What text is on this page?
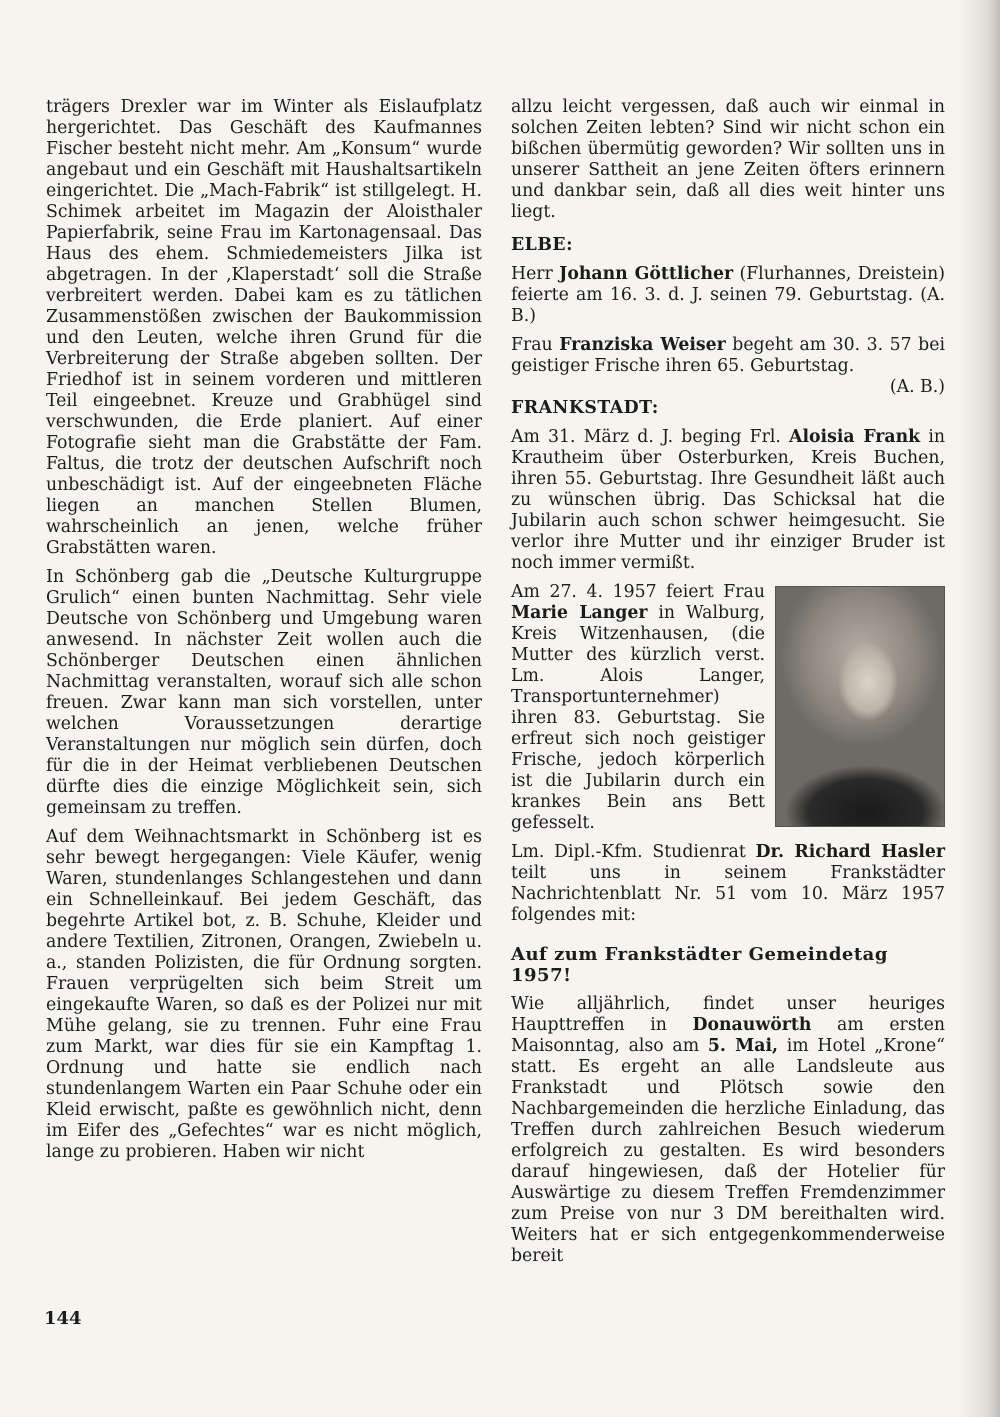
trägers Drexler war im Winter als Eislaufplatz hergerichtet. Das Geschäft des Kaufmannes Fischer besteht nicht mehr. Am „Konsum“ wurde angebaut und ein Geschäft mit Haushaltsartikeln eingerichtet. Die „Mach-Fabrik“ ist stillgelegt. H. Schimek arbeitet im Magazin der Aloisthaler Papierfabrik, seine Frau im Kartonagensaal. Das Haus des ehem. Schmiedemeisters Jilka ist abgetragen. In der ‚Klaperstadt‘ soll die Straße verbreitert werden. Dabei kam es zu tätlichen Zusammenstößen zwischen der Baukommission und den Leuten, welche ihren Grund für die Verbreiterung der Straße abgeben sollten. Der Friedhof ist in seinem vorderen und mittleren Teil eingeebnet. Kreuze und Grabhügel sind verschwunden, die Erde planiert. Auf einer Fotografie sieht man die Grabstätte der Fam. Faltus, die trotz der deutschen Aufschrift noch unbeschädigt ist. Auf der eingeebneten Fläche liegen an manchen Stellen Blumen, wahrscheinlich an jenen, welche früher Grabstätten waren.

In Schönberg gab die „Deutsche Kulturgruppe Grulich“ einen bunten Nachmittag. Sehr viele Deutsche von Schönberg und Umgebung waren anwesend. In nächster Zeit wollen auch die Schönberger Deutschen einen ähnlichen Nachmittag veranstalten, worauf sich alle schon freuen. Zwar kann man sich vorstellen, unter welchen Voraussetzungen derartige Veranstaltungen nur möglich sein dürfen, doch für die in der Heimat verbliebenen Deutschen dürfte dies die einzige Möglichkeit sein, sich gemeinsam zu treffen.

Auf dem Weihnachtsmarkt in Schönberg ist es sehr bewegt hergegangen: Viele Käufer, wenig Waren, stundenlanges Schlangestehen und dann ein Schnelleinkauf. Bei jedem Geschäft, das begehrte Artikel bot, z. B. Schuhe, Kleider und andere Textilien, Zitronen, Orangen, Zwiebeln u. a., standen Polizisten, die für Ordnung sorgten. Frauen verprügelten sich beim Streit um eingekaufte Waren, so daß es der Polizei nur mit Mühe gelang, sie zu trennen. Fuhr eine Frau zum Markt, war dies für sie ein Kampftag 1. Ordnung und hatte sie endlich nach stundenlangem Warten ein Paar Schuhe oder ein Kleid erwischt, paßte es gewöhnlich nicht, denn im Eifer des „Gefechtes“ war es nicht möglich, lange zu probieren. Haben wir nicht

allzu leicht vergessen, daß auch wir einmal in solchen Zeiten lebten? Sind wir nicht schon ein bißchen übermütig geworden? Wir sollten uns in unserer Sattheit an jene Zeiten öfters erinnern und dankbar sein, daß all dies weit hinter uns liegt.

ELBE:

Herr Johann Göttlicher (Flurhannes, Dreistein) feierte am 16. 3. d. J. seinen 79. Geburtstag. (A. B.)

Frau Franziska Weiser begeht am 30. 3. 57 bei geistiger Frische ihren 65. Geburtstag.

(A. B.)
FRANKSTADT:

Am 31. März d. J. beging Frl. Aloisia Frank in Krautheim über Osterburken, Kreis Buchen, ihren 55. Geburtstag. Ihre Gesundheit läßt auch zu wünschen übrig. Das Schicksal hat die Jubilarin auch schon schwer heimgesucht. Sie verlor ihre Mutter und ihr einziger Bruder ist noch immer vermißt.

Am 27. 4. 1957 feiert Frau Marie Langer in Walburg, Kreis Witzenhausen, (die Mutter des kürzlich verst. Lm. Alois Langer, Transportunternehmer) ihren 83. Geburtstag. Sie erfreut sich noch geistiger Frische, jedoch körperlich ist die Jubilarin durch ein krankes Bein ans Bett gefesselt.

Lm. Dipl.-Kfm. Studienrat Dr. Richard Hasler teilt uns in seinem Frankstädter Nachrichtenblatt Nr. 51 vom 10. März 1957 folgendes mit:

Auf zum Frankstädter Gemeindetag 1957!

Wie alljährlich, findet unser heuriges Haupttreffen in Donauwörth am ersten Maisonntag, also am 5. Mai, im Hotel „Krone“ statt. Es ergeht an alle Landsleute aus Frankstadt und Plötsch sowie den Nachbargemeinden die herzliche Einladung, das Treffen durch zahlreichen Besuch wiederum erfolgreich zu gestalten. Es wird besonders darauf hingewiesen, daß der Hotelier für Auswärtige zu diesem Treffen Fremdenzimmer zum Preise von nur 3 DM bereithalten wird. Weiters hat er sich entgegenkommenderweise bereit

144
